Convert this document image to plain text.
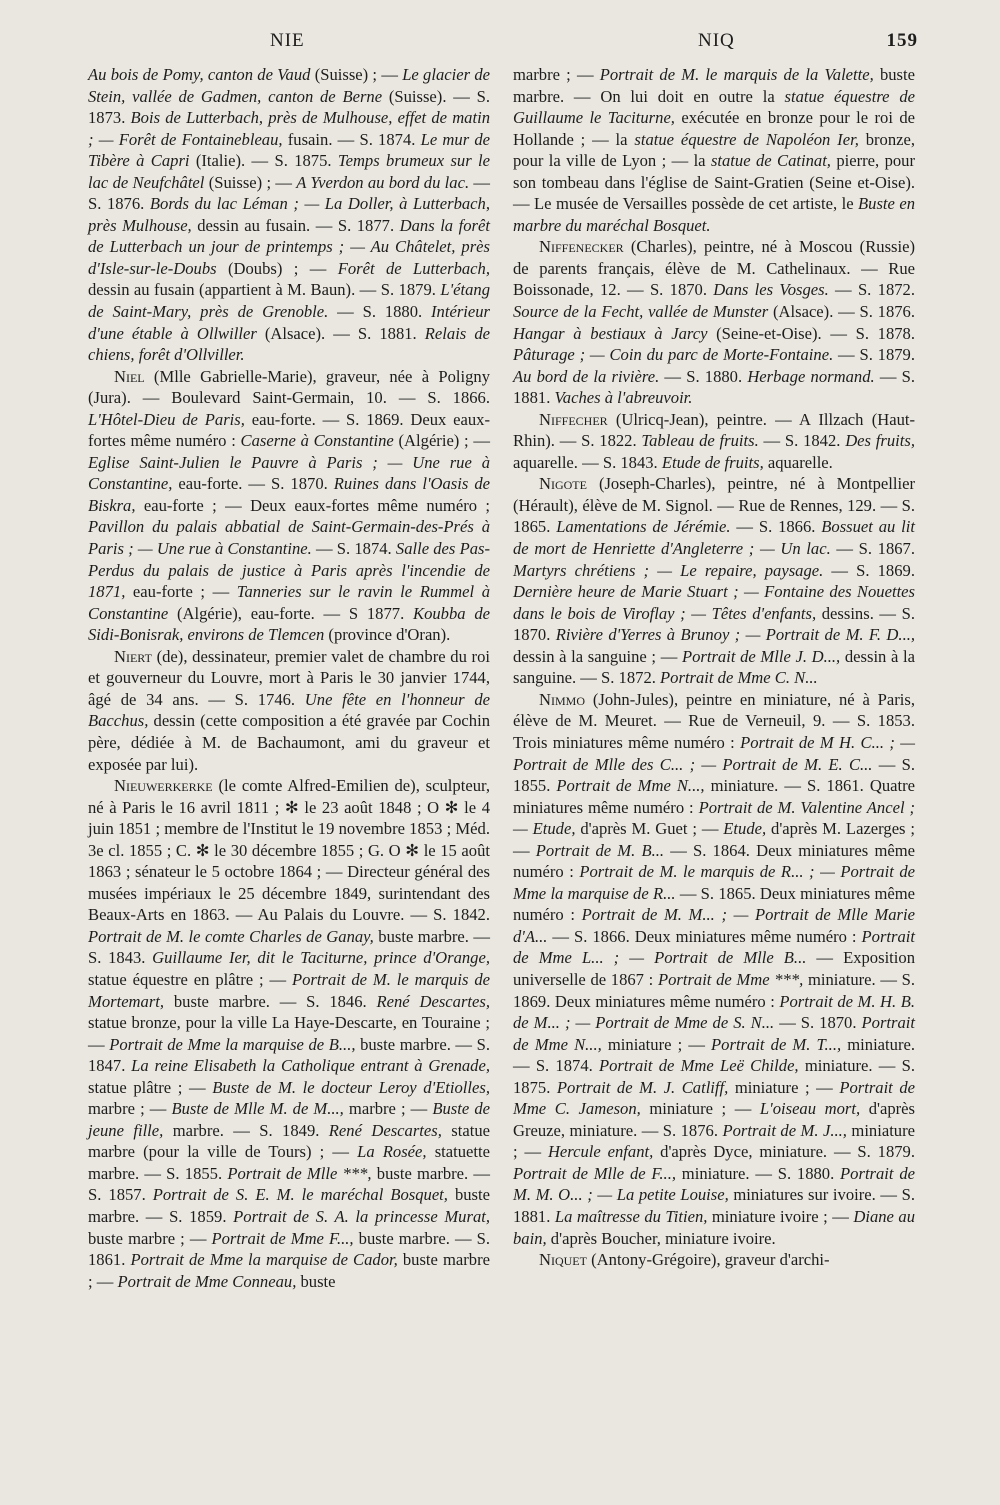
NIE	NIQ	159

Au bois de Pomy, canton de Vaud (Suisse) ; — Le glacier de Stein, vallée de Gadmen, canton de Berne (Suisse). — S. 1873. Bois de Lutterbach, près de Mulhouse, effet de matin ; — Forêt de Fontainebleau, fusain. — S. 1874. Le mur de Tibère à Capri (Italie). — S. 1875. Temps brumeux sur le lac de Neufchâtel (Suisse) ; — A Yverdon au bord du lac. — S. 1876. Bords du lac Léman ; — La Doller, à Lutterbach, près Mulhouse, dessin au fusain. — S. 1877. Dans la forêt de Lutterbach un jour de printemps ; — Au Châtelet, près d'Isle-sur-le-Doubs (Doubs) ; — Forêt de Lutterbach, dessin au fusain (appartient à M. Baun). — S. 1879. L'étang de Saint-Mary, près de Grenoble. — S. 1880. Intérieur d'une étable à Ollwiller (Alsace). — S. 1881. Relais de chiens, forêt d'Ollviller.

Niel (Mlle Gabrielle-Marie), graveur, née à Poligny (Jura). — Boulevard Saint-Germain, 10. — S. 1866. L'Hôtel-Dieu de Paris, eau-forte. — S. 1869. Deux eaux-fortes même numéro : Caserne à Constantine (Algérie) ; — Eglise Saint-Julien le Pauvre à Paris ; — Une rue à Constantine, eau-forte. — S. 1870. Ruines dans l'Oasis de Biskra, eau-forte ; — Deux eaux-fortes même numéro ; Pavillon du palais abbatial de Saint-Germain-des-Prés à Paris ; — Une rue à Constantine. — S. 1874. Salle des Pas-Perdus du palais de justice à Paris après l'incendie de 1871, eau-forte ; — Tanneries sur le ravin le Rummel à Constantine (Algérie), eau-forte. — S 1877. Koubba de Sidi-Bonisrak, environs de Tlemcen (province d'Oran).

Niert (de), dessinateur, premier valet de chambre du roi et gouverneur du Louvre, mort à Paris le 30 janvier 1744, âgé de 34 ans. — S. 1746. Une fête en l'honneur de Bacchus, dessin (cette composition a été gravée par Cochin père, dédiée à M. de Bachaumont, ami du graveur et exposée par lui).

Nieuwerkerke (le comte Alfred-Emilien de), sculpteur, né à Paris le 16 avril 1811 ; ✻ le 23 août 1848 ; O ✻ le 4 juin 1851 ; membre de l'Institut le 19 novembre 1853 ; Méd. 3e cl. 1855 ; C. ✻ le 30 décembre 1855 ; G. O ✻ le 15 août 1863 ; sénateur le 5 octobre 1864 ; — Directeur général des musées impériaux le 25 décembre 1849, surintendant des Beaux-Arts en 1863. — Au Palais du Louvre. — S. 1842. Portrait de M. le comte Charles de Ganay, buste marbre. — S. 1843. Guillaume Ier, dit le Taciturne, prince d'Orange, statue équestre en plâtre ; — Portrait de M. le marquis de Mortemart, buste marbre. — S. 1846. René Descartes, statue bronze, pour la ville La Haye-Descarte, en Touraine ; — Portrait de Mme la marquise de B..., buste marbre. — S. 1847. La reine Elisabeth la Catholique entrant à Grenade, statue plâtre ; — Buste de M. le docteur Leroy d'Etiolles, marbre ; — Buste de Mlle M. de M..., marbre ; — Buste de jeune fille, marbre. — S. 1849. René Descartes, statue marbre (pour la ville de Tours) ; — La Rosée, statuette marbre. — S. 1855. Portrait de Mlle ***, buste marbre. — S. 1857. Portrait de S. E. M. le maréchal Bosquet, buste marbre. — S. 1859. Portrait de S. A. la princesse Murat, buste marbre ; — Portrait de Mme F..., buste marbre. — S. 1861. Portrait de Mme la marquise de Cador, buste marbre ; — Portrait de Mme Conneau, buste

marbre ; — Portrait de M. le marquis de la Valette, buste marbre. — On lui doit en outre la statue équestre de Guillaume le Taciturne, exécutée en bronze pour le roi de Hollande ; — la statue équestre de Napoléon Ier, bronze, pour la ville de Lyon ; — la statue de Catinat, pierre, pour son tombeau dans l'église de Saint-Gratien (Seine et-Oise). — Le musée de Versailles possède de cet artiste, le Buste en marbre du maréchal Bosquet.

Niffenecker (Charles), peintre, né à Moscou (Russie) de parents français, élève de M. Cathelinaux. — Rue Boissonade, 12. — S. 1870. Dans les Vosges. — S. 1872. Source de la Fecht, vallée de Munster (Alsace). — S. 1876. Hangar à bestiaux à Jarcy (Seine-et-Oise). — S. 1878. Pâturage ; — Coin du parc de Morte-Fontaine. — S. 1879. Au bord de la rivière. — S. 1880. Herbage normand. — S. 1881. Vaches à l'abreuvoir.

Niffecher (Ulricq-Jean), peintre. — A Illzach (Haut-Rhin). — S. 1822. Tableau de fruits. — S. 1842. Des fruits, aquarelle. — S. 1843. Etude de fruits, aquarelle.

Nigote (Joseph-Charles), peintre, né à Montpellier (Hérault), élève de M. Signol. — Rue de Rennes, 129. — S. 1865. Lamentations de Jérémie. — S. 1866. Bossuet au lit de mort de Henriette d'Angleterre ; — Un lac. — S. 1867. Martyrs chrétiens ; — Le repaire, paysage. — S. 1869. Dernière heure de Marie Stuart ; — Fontaine des Nouettes dans le bois de Viroflay ; — Têtes d'enfants, dessins. — S. 1870. Rivière d'Yerres à Brunoy ; — Portrait de M. F. D..., dessin à la sanguine ; — Portrait de Mlle J. D..., dessin à la sanguine. — S. 1872. Portrait de Mme C. N...

Nimmo (John-Jules), peintre en miniature, né à Paris, élève de M. Meuret. — Rue de Verneuil, 9. — S. 1853. Trois miniatures même numéro : Portrait de M H. C... ; — Portrait de Mlle des C... ; — Portrait de M. E. C... — S. 1855. Portrait de Mme N..., miniature. — S. 1861. Quatre miniatures même numéro : Portrait de M. Valentine Ancel ; — Etude, d'après M. Guet ; — Etude, d'après M. Lazerges ; — Portrait de M. B... — S. 1864. Deux miniatures même numéro : Portrait de M. le marquis de R... ; — Portrait de Mme la marquise de R... — S. 1865. Deux miniatures même numéro : Portrait de M. M... ; — Portrait de Mlle Marie d'A... — S. 1866. Deux miniatures même numéro : Portrait de Mme L... ; — Portrait de Mlle B... — Exposition universelle de 1867 : Portrait de Mme ***, miniature. — S. 1869. Deux miniatures même numéro : Portrait de M. H. B. de M... ; — Portrait de Mme de S. N... — S. 1870. Portrait de Mme N..., miniature ; — Portrait de M. T..., miniature. — S. 1874. Portrait de Mme Leë Childe, miniature. — S. 1875. Portrait de M. J. Catliff, miniature ; — Portrait de Mme C. Jameson, miniature ; — L'oiseau mort, d'après Greuze, miniature. — S. 1876. Portrait de M. J..., miniature ; — Hercule enfant, d'après Dyce, miniature. — S. 1879. Portrait de Mlle de F..., miniature. — S. 1880. Portrait de M. M. O... ; — La petite Louise, miniatures sur ivoire. — S. 1881. La maîtresse du Titien, miniature ivoire ; — Diane au bain, d'après Boucher, miniature ivoire.

Niquet (Antony-Grégoire), graveur d'archi-
